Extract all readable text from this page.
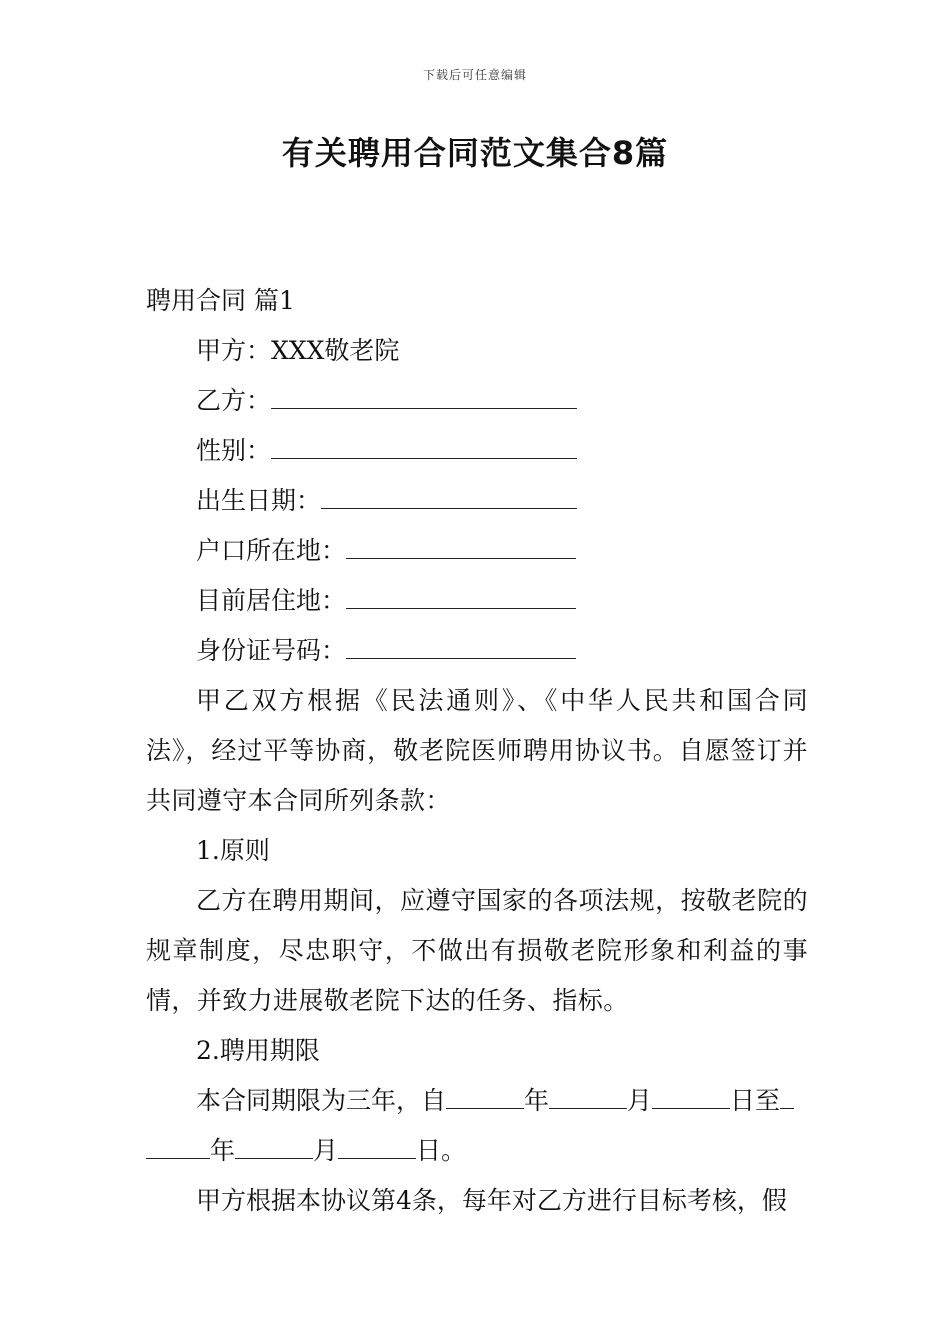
下载后可任意编辑
有关聘用合同范文集合8篇
聘用合同 篇1
甲方：XXX敬老院
乙方：
性别：
出生日期：
户口所在地：
目前居住地：
身份证号码：
甲乙双方根据《民法通则》、《中华人民共和国合同法》，经过平等协商，敬老院医师聘用协议书。自愿签订并共同遵守本合同所列条款：
1.原则
乙方在聘用期间，应遵守国家的各项法规，按敬老院的规章制度，尽忠职守，不做出有损敬老院形象和利益的事情，并致力进展敬老院下达的任务、指标。
2.聘用期限
本合同期限为三年，自	年	月	日至
年	月	日。
甲方根据本协议第4条，每年对乙方进行目标考核，假
